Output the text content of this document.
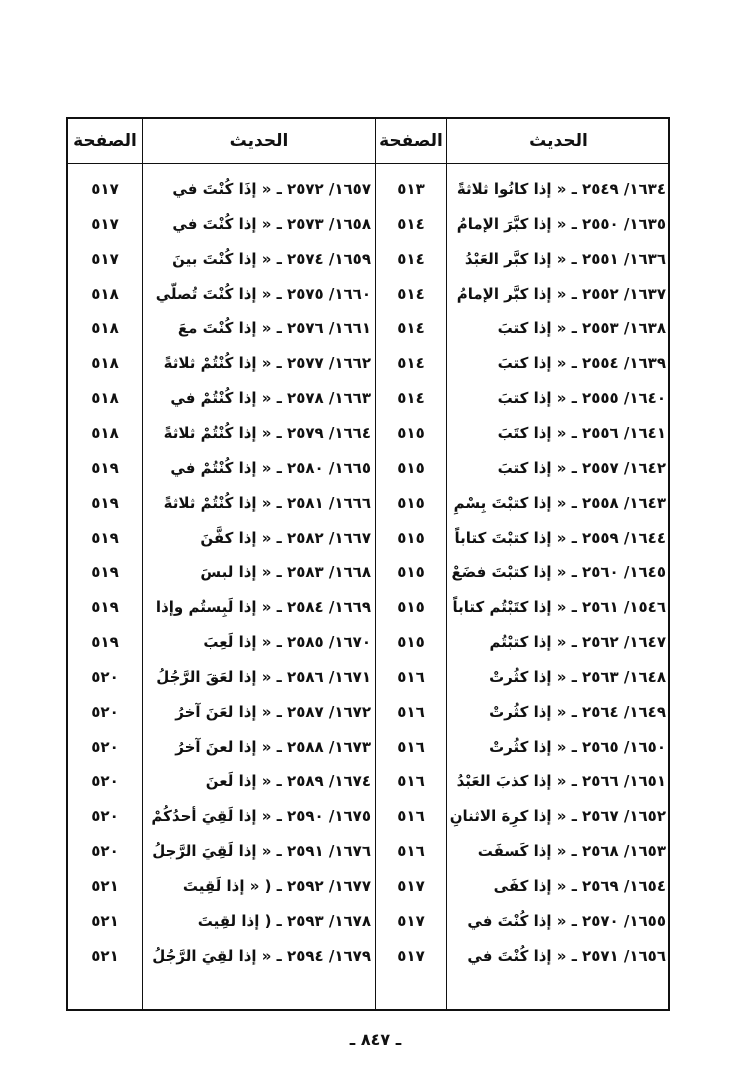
الحديث
الصفحة
الحديث
الصفحة
١٦٣٤/ ٢٥٤٩ ـ « إذا كانُوا ثلاثةً
٥١٣
١٦٣٥/ ٢٥٥٠ ـ « إذا كبَّرَ الإمامُ
٥١٤
١٦٣٦/ ٢٥٥١ ـ « إذا كبَّر العَبْدُ
٥١٤
١٦٣٧/ ٢٥٥٢ ـ « إذا كبَّر الإمامُ
٥١٤
١٦٣٨/ ٢٥٥٣ ـ « إذا كتبَ
٥١٤
١٦٣٩/ ٢٥٥٤ ـ « إذا كتبَ
٥١٤
١٦٤٠/ ٢٥٥٥ ـ « إذا كتبَ
٥١٤
١٦٤١/ ٢٥٥٦ ـ « إذا كتَبَ
٥١٥
١٦٤٢/ ٢٥٥٧ ـ « إذا كتبَ
٥١٥
١٦٤٣/ ٢٥٥٨ ـ « إذا كتبْتَ بِسْمِ
٥١٥
١٦٤٤/ ٢٥٥٩ ـ « إذا كتبْتَ كتاباً
٥١٥
١٦٤٥/ ٢٥٦٠ ـ « إذا كتبْتَ فضَعْ
٥١٥
١٥٤٦/ ٢٥٦١ ـ « إذا كتَبْتُم كتاباً
٥١٥
١٦٤٧/ ٢٥٦٢ ـ « إذا كتبْتُم
٥١٥
١٦٤٨/ ٢٥٦٣ ـ « إذا كثُرتْ
٥١٦
١٦٤٩/ ٢٥٦٤ ـ « إذا كثُرتْ
٥١٦
١٦٥٠/ ٢٥٦٥ ـ « إذا كثُرتْ
٥١٦
١٦٥١/ ٢٥٦٦ ـ « إذا كذبَ العَبْدُ
٥١٦
١٦٥٢/ ٢٥٦٧ ـ « إذا كرِهَ الاثنانِ
٥١٦
١٦٥٣/ ٢٥٦٨ ـ « إذا كَسفَت
٥١٦
١٦٥٤/ ٢٥٦٩ ـ « إذا كفَى
٥١٧
١٦٥٥/ ٢٥٧٠ ـ « إذا كُنْتَ في
٥١٧
١٦٥٦/ ٢٥٧١ ـ « إذا كُنْتَ في
٥١٧
١٦٥٧/ ٢٥٧٢ ـ « إذَا كُنْتَ في
٥١٧
١٦٥٨/ ٢٥٧٣ ـ « إذا كُنْتَ في
٥١٧
١٦٥٩/ ٢٥٧٤ ـ « إذا كُنْتَ بينَ
٥١٧
١٦٦٠/ ٢٥٧٥ ـ « إذا كُنْتَ تُصلّي
٥١٨
١٦٦١/ ٢٥٧٦ ـ « إذا كُنْتَ معَ
٥١٨
١٦٦٢/ ٢٥٧٧ ـ « إذا كُنْتُمْ ثلاثةً
٥١٨
١٦٦٣/ ٢٥٧٨ ـ « إذا كُنْتُمْ في
٥١٨
١٦٦٤/ ٢٥٧٩ ـ « إذا كُنْتُمْ ثلاثةً
٥١٨
١٦٦٥/ ٢٥٨٠ ـ « إذا كُنْتُمْ في
٥١٩
١٦٦٦/ ٢٥٨١ ـ « إذا كُنْتُمْ ثلاثةً
٥١٩
١٦٦٧/ ٢٥٨٢ ـ « إذا كفَّنَ
٥١٩
١٦٦٨/ ٢٥٨٣ ـ « إذا لبسَ
٥١٩
١٦٦٩/ ٢٥٨٤ ـ « إذا لَبِستُم وإذا
٥١٩
١٦٧٠/ ٢٥٨٥ ـ « إذا لَعِبَ
٥١٩
١٦٧١/ ٢٥٨٦ ـ « إذا لعَقَ الرَّجُلُ
٥٢٠
١٦٧٢/ ٢٥٨٧ ـ « إذا لعَنَ آخرُ
٥٢٠
١٦٧٣/ ٢٥٨٨ ـ « إذا لعنَ آخرُ
٥٢٠
١٦٧٤/ ٢٥٨٩ ـ « إذا لَعنَ
٥٢٠
١٦٧٥/ ٢٥٩٠ ـ « إذا لَقِيَ أحدُكُمْ
٥٢٠
١٦٧٦/ ٢٥٩١ ـ « إذا لَقِيَ الرَّجلُ
٥٢٠
١٦٧٧/ ٢٥٩٢ ـ ( « إذا لَقِيتَ
٥٢١
١٦٧٨/ ٢٥٩٣ ـ ( إذا لقِيتَ
٥٢١
١٦٧٩/ ٢٥٩٤ ـ « إذا لقِيَ الرَّجُلُ
٥٢١
ـ ٨٤٧ ـ
